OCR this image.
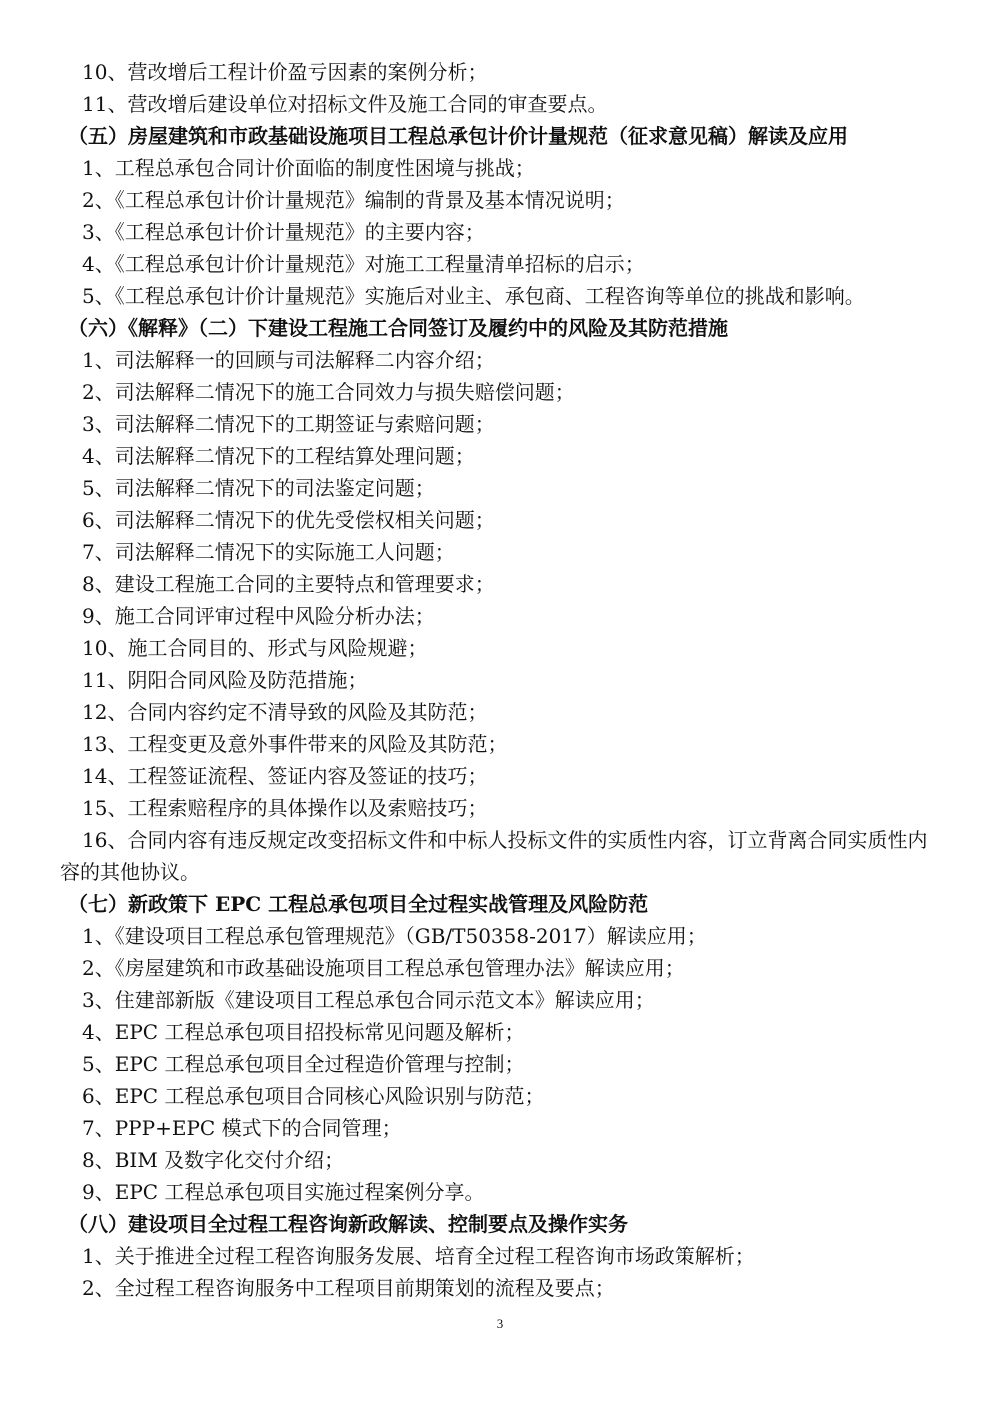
10、营改增后工程计价盈亏因素的案例分析；
11、营改增后建设单位对招标文件及施工合同的审查要点。
（五）房屋建筑和市政基础设施项目工程总承包计价计量规范（征求意见稿）解读及应用
1、工程总承包合同计价面临的制度性困境与挑战；
2、《工程总承包计价计量规范》编制的背景及基本情况说明；
3、《工程总承包计价计量规范》的主要内容；
4、《工程总承包计价计量规范》对施工工程量清单招标的启示；
5、《工程总承包计价计量规范》实施后对业主、承包商、工程咨询等单位的挑战和影响。
（六）《解释》（二）下建设工程施工合同签订及履约中的风险及其防范措施
1、司法解释一的回顾与司法解释二内容介绍；
2、司法解释二情况下的施工合同效力与损失赔偿问题；
3、司法解释二情况下的工期签证与索赔问题；
4、司法解释二情况下的工程结算处理问题；
5、司法解释二情况下的司法鉴定问题；
6、司法解释二情况下的优先受偿权相关问题；
7、司法解释二情况下的实际施工人问题；
8、建设工程施工合同的主要特点和管理要求；
9、施工合同评审过程中风险分析办法；
10、施工合同目的、形式与风险规避；
11、阴阳合同风险及防范措施；
12、合同内容约定不清导致的风险及其防范；
13、工程变更及意外事件带来的风险及其防范；
14、工程签证流程、签证内容及签证的技巧；
15、工程索赔程序的具体操作以及索赔技巧；
16、合同内容有违反规定改变招标文件和中标人投标文件的实质性内容，订立背离合同实质性内容的其他协议。
（七）新政策下 EPC 工程总承包项目全过程实战管理及风险防范
1、《建设项目工程总承包管理规范》（GB/T50358-2017）解读应用；
2、《房屋建筑和市政基础设施项目工程总承包管理办法》解读应用；
3、住建部新版《建设项目工程总承包合同示范文本》解读应用；
4、EPC 工程总承包项目招投标常见问题及解析；
5、EPC 工程总承包项目全过程造价管理与控制；
6、EPC 工程总承包项目合同核心风险识别与防范；
7、PPP+EPC 模式下的合同管理；
8、BIM 及数字化交付介绍；
9、EPC 工程总承包项目实施过程案例分享。
（八）建设项目全过程工程咨询新政解读、控制要点及操作实务
1、关于推进全过程工程咨询服务发展、培育全过程工程咨询市场政策解析；
2、全过程工程咨询服务中工程项目前期策划的流程及要点；
3
